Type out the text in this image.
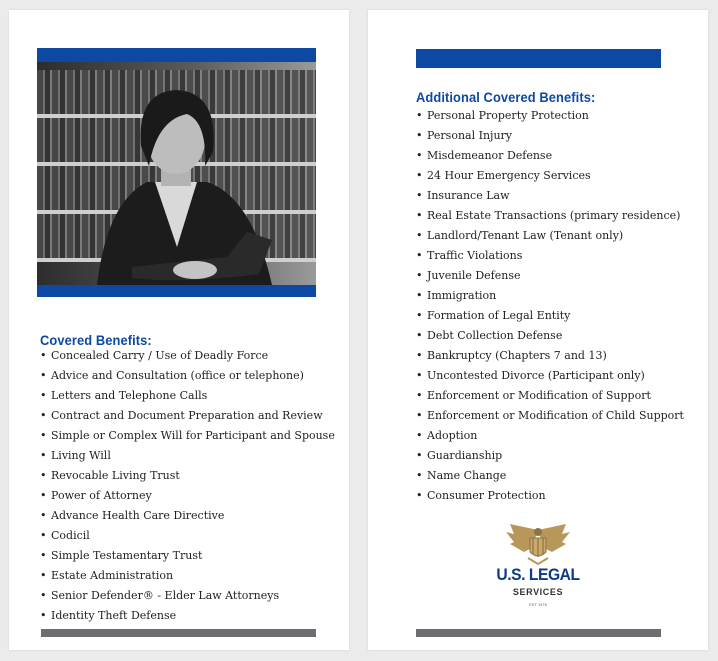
Covered Benefits:
• Concealed Carry / Use of Deadly Force
• Advice and Consultation (office or telephone)
• Letters and Telephone Calls
• Contract and Document Preparation and Review
• Simple or Complex Will for Participant and Spouse
• Living Will
• Revocable Living Trust
• Power of Attorney
• Advance Health Care Directive
• Codicil
• Simple Testamentary Trust
• Estate Administration
• Senior Defender® - Elder Law Attorneys
• Identity Theft Defense
Additional Covered Benefits:
• Personal Property Protection
• Personal Injury
• Misdemeanor Defense
• 24 Hour Emergency Services
• Insurance Law
• Real Estate Transactions (primary residence)
• Landlord/Tenant Law (Tenant only)
• Traffic Violations
• Juvenile Defense
• Immigration
• Formation of Legal Entity
• Debt Collection Defense
• Bankruptcy (Chapters 7 and 13)
• Uncontested Divorce (Participant only)
• Enforcement or Modification of Support
• Enforcement or Modification of Child Support
• Adoption
• Guardianship
• Name Change
• Consumer Protection
U.S. LEGAL
SERVICES
EST 1976
